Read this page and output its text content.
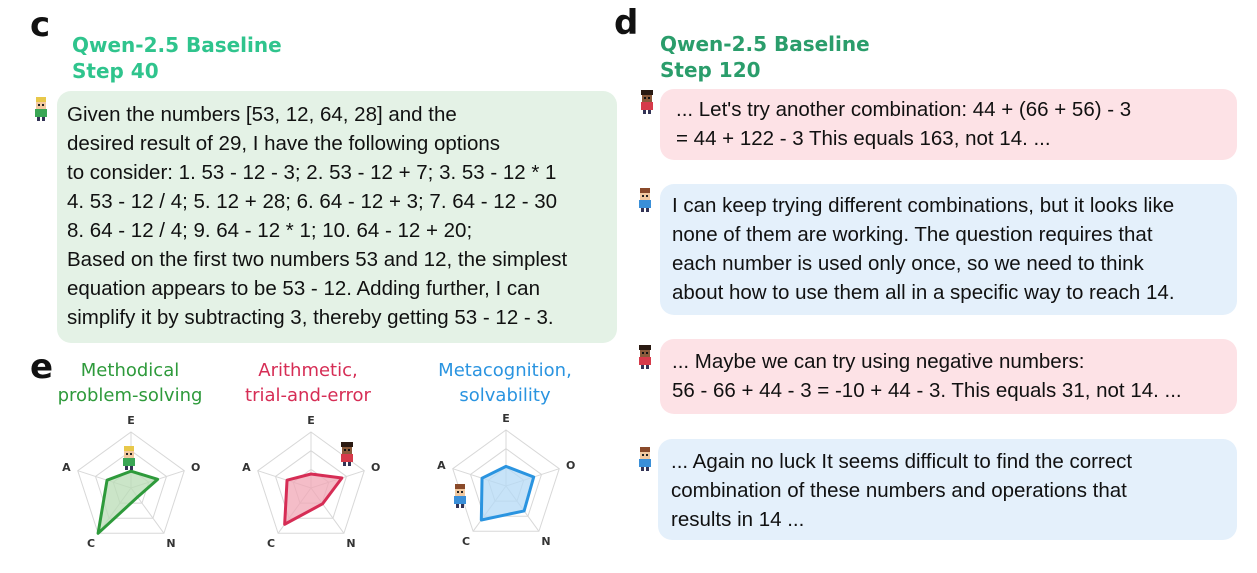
c Qwen-2.5 Baseline
Step 40
Given the numbers [53, 12, 64, 28] and the
desired result of 29, I have the following options
to consider: 1. 53 - 12 - 3; 2. 53 - 12 + 7; 3. 53 - 12 * 1
4. 53 - 12 / 4; 5. 12 + 28; 6. 64 - 12 + 3; 7. 64 - 12 - 30
8. 64 - 12 / 4; 9. 64 - 12 * 1; 10. 64 - 12 + 20;
Based on the first two numbers 53 and 12, the simplest
equation appears to be 53 - 12. Adding further, I can
simplify it by subtracting 3, thereby getting 53 - 12 - 3.
e	Methodical
problem-solving
Arithmetic,
trial-and-error
Metacognition,
solvability
E
O
N
C
A
E
O
N
C
A
E
O
N
C
A
d
Qwen-2.5 Baseline
Step 120
... Let's try another combination: 44 + (66 + 56) - 3
= 44 + 122 - 3 This equals 163, not 14. ...
I can keep trying different combinations, but it looks like
none of them are working. The question requires that
each number is used only once, so we need to think
about how to use them all in a specific way to reach 14.
... Maybe we can try using negative numbers:
56 - 66 + 44 - 3 = -10 + 44 - 3. This equals 31, not 14. ...
... Again no luck It seems difficult to find the correct
combination of these numbers and operations that
results in 14 ...
